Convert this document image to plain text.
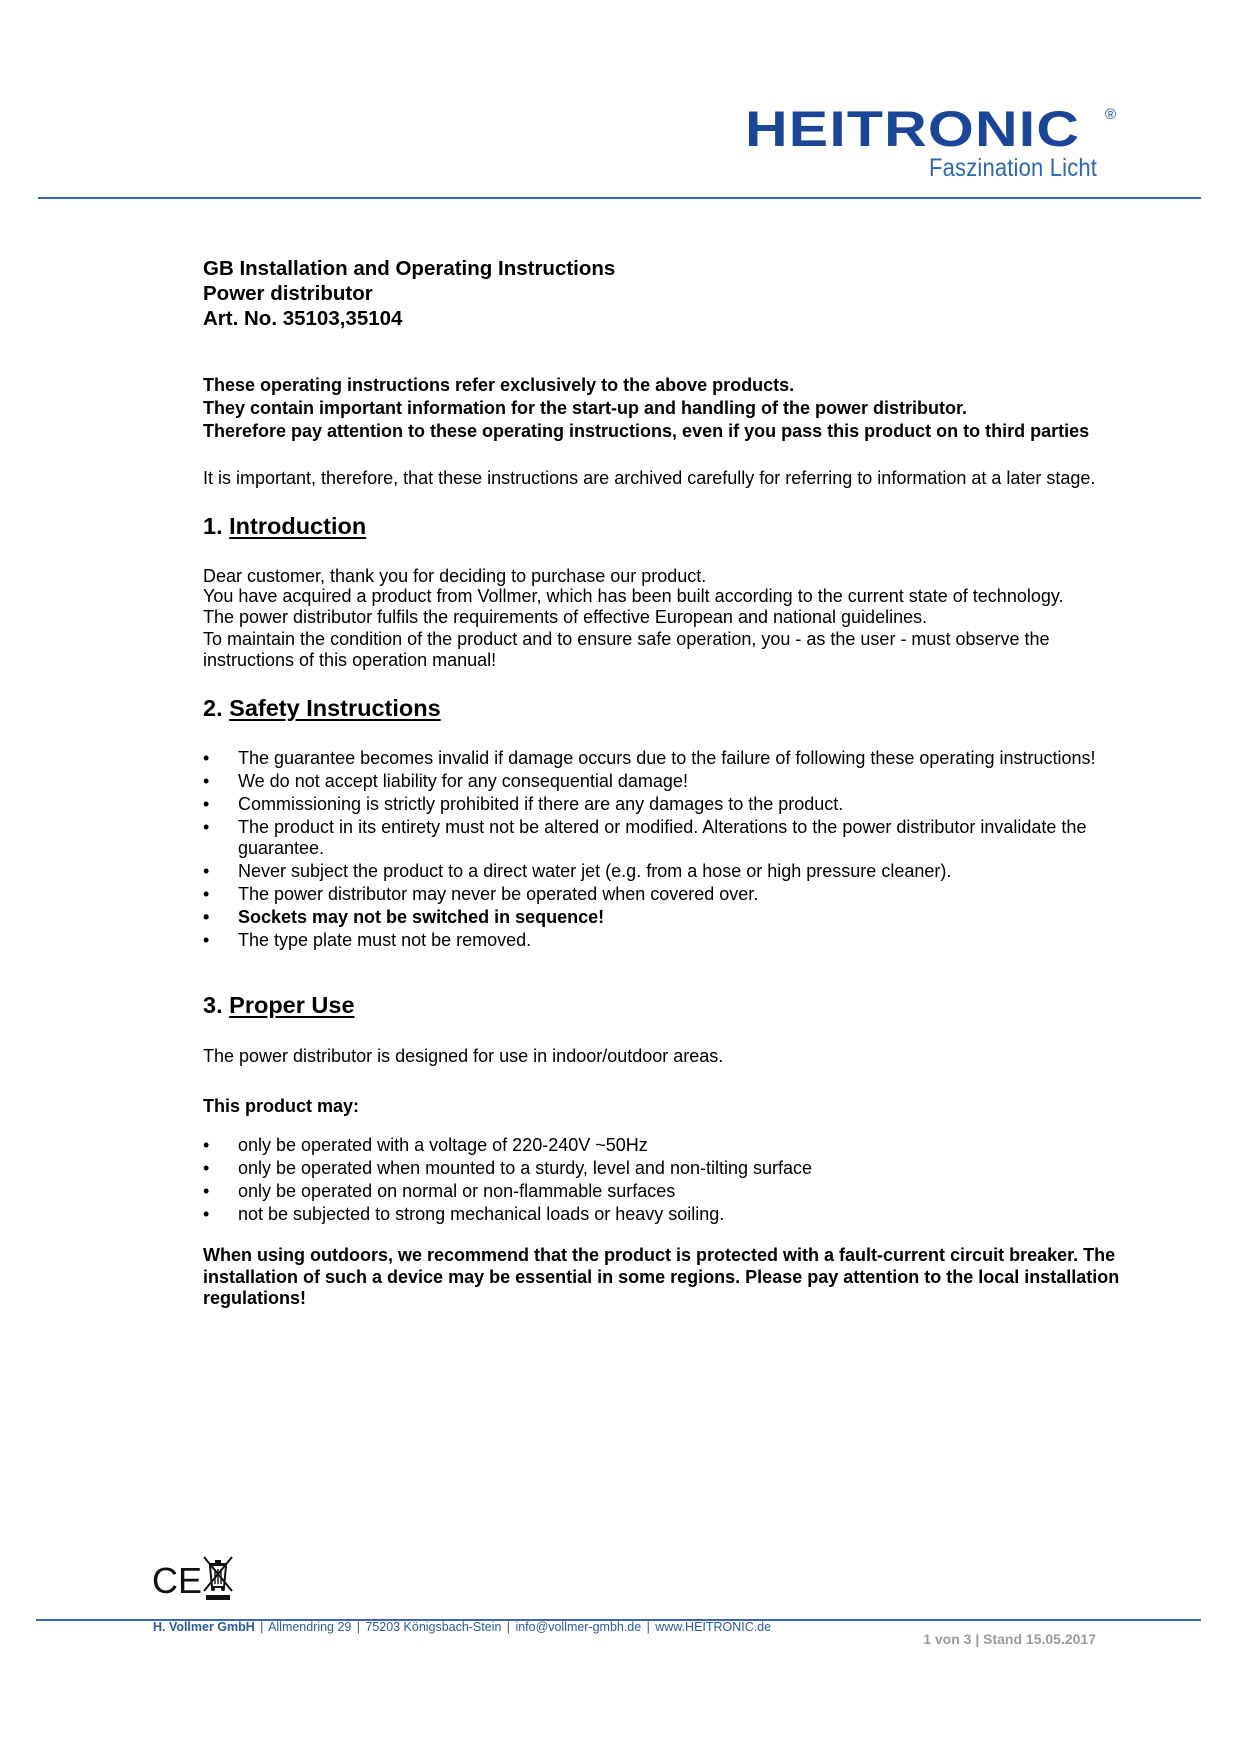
HEITRONIC	®
Faszination Licht
GB Installation and Operating Instructions
Power distributor
Art. No. 35103,35104

These operating instructions refer exclusively to the above products.

They contain important information for the start-up and handling of the power distributor.

Therefore pay attention to these operating instructions, even if you pass this product on to third parties

It is important, therefore, that these instructions are archived carefully for referring to information at a later stage.

1. Introduction

Dear customer, thank you for deciding to purchase our product.

You have acquired a product from Vollmer, which has been built according to the current state of technology.

The power distributor fulfils the requirements of effective European and national guidelines.

To maintain the condition of the product and to ensure safe operation, you - as the user - must observe the instructions of this operation manual!

2. Safety Instructions
• The guarantee becomes invalid if damage occurs due to the failure of following these operating instructions!
• We do not accept liability for any consequential damage!
• Commissioning is strictly prohibited if there are any damages to the product.
• The product in its entirety must not be altered or modified. Alterations to the power distributor invalidate the guarantee.
• Never subject the product to a direct water jet (e.g. from a hose or high pressure cleaner).
• The power distributor may never be operated when covered over.
• Sockets may not be switched in sequence!
• The type plate must not be removed.
3. Proper Use

The power distributor is designed for use in indoor/outdoor areas.

This product may:

• only be operated with a voltage of 220-240V ~50Hz
• only be operated when mounted to a sturdy, level and non-tilting surface
• only be operated on normal or non-flammable surfaces
• not be subjected to strong mechanical loads or heavy soiling.

When using outdoors, we recommend that the product is protected with a fault-current circuit breaker. The installation of such a device may be essential in some regions. Please pay attention to the local installation regulations!

CE
H. Vollmer GmbH | Allmendring 29 | 75203 Königsbach-Stein | info@vollmer-gmbh.de | www.HEITRONIC.de
1 von 3 | Stand 15.05.2017
